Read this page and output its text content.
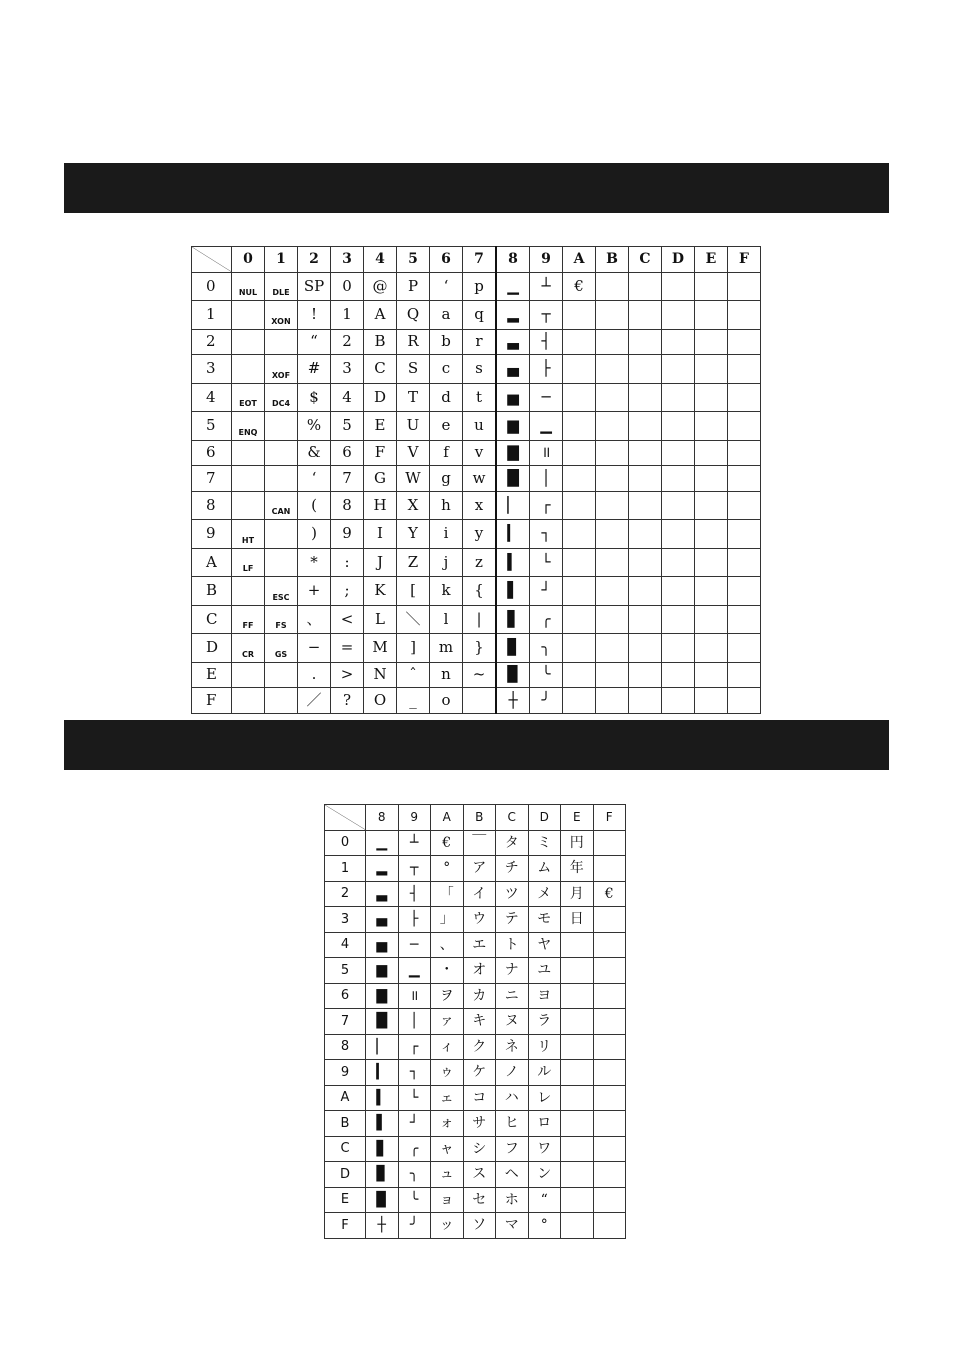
	0	1	2	3	4	5	6	7	8	9	A	B	C	D	E	F
0	NUL	DLE	SP	0	@	P	‘	p	▁	┴	€					
1		XON	!	1	A	Q	a	q	▂	┬						
2			“	2	B	R	b	r	▃	┤						
3		XOF	#	3	C	S	c	s	▄	├						
4	EOT	DC4	$	4	D	T	d	t	▅	─						
5	ENQ		%	5	E	U	e	u	▆	▁						
6			&	6	F	V	f	v	▇	॥						
7			‘	7	G	W	g	w	█	│						
8		CAN	(	8	H	X	h	x	▏	┌						
9	HT		)	9	I	Y	i	y	▎	┐						
A	LF		*	:	J	Z	j	z	▍	└						
B		ESC	+	;	K	[	k	{	▌	┘						
C	FF	FS	、	<	L	＼	l	|	▋	╭						
D	CR	GS	−	=	M	]	m	}	▊	╮						
E			.	>	N	ˆ	n	~	▉	╰						
F			／	?	O	_	o		┼	╯						
	8	9	A	B	C	D	E	F
0	▁	┴	€	￣	タ	ミ	円	
1	▂	┬	°	ア	チ	ム	年	
2	▃	┤	「	イ	ツ	メ	月	€
3	▄	├	」	ウ	テ	モ	日	
4	▅	─	、	エ	ト	ヤ		
5	▆	▁	・	オ	ナ	ユ		
6	▇	॥	ヲ	カ	ニ	ヨ		
7	█	│	ァ	キ	ヌ	ラ		
8	▏	┌	ィ	ク	ネ	リ		
9	▎	┐	ゥ	ケ	ノ	ル		
A	▍	└	ェ	コ	ハ	レ		
B	▌	┘	ォ	サ	ヒ	ロ		
C	▋	╭	ャ	シ	フ	ワ		
D	▊	╮	ュ	ス	ヘ	ン		
E	▉	╰	ョ	セ	ホ	“		
F	┼	╯	ッ	ソ	マ	°		
